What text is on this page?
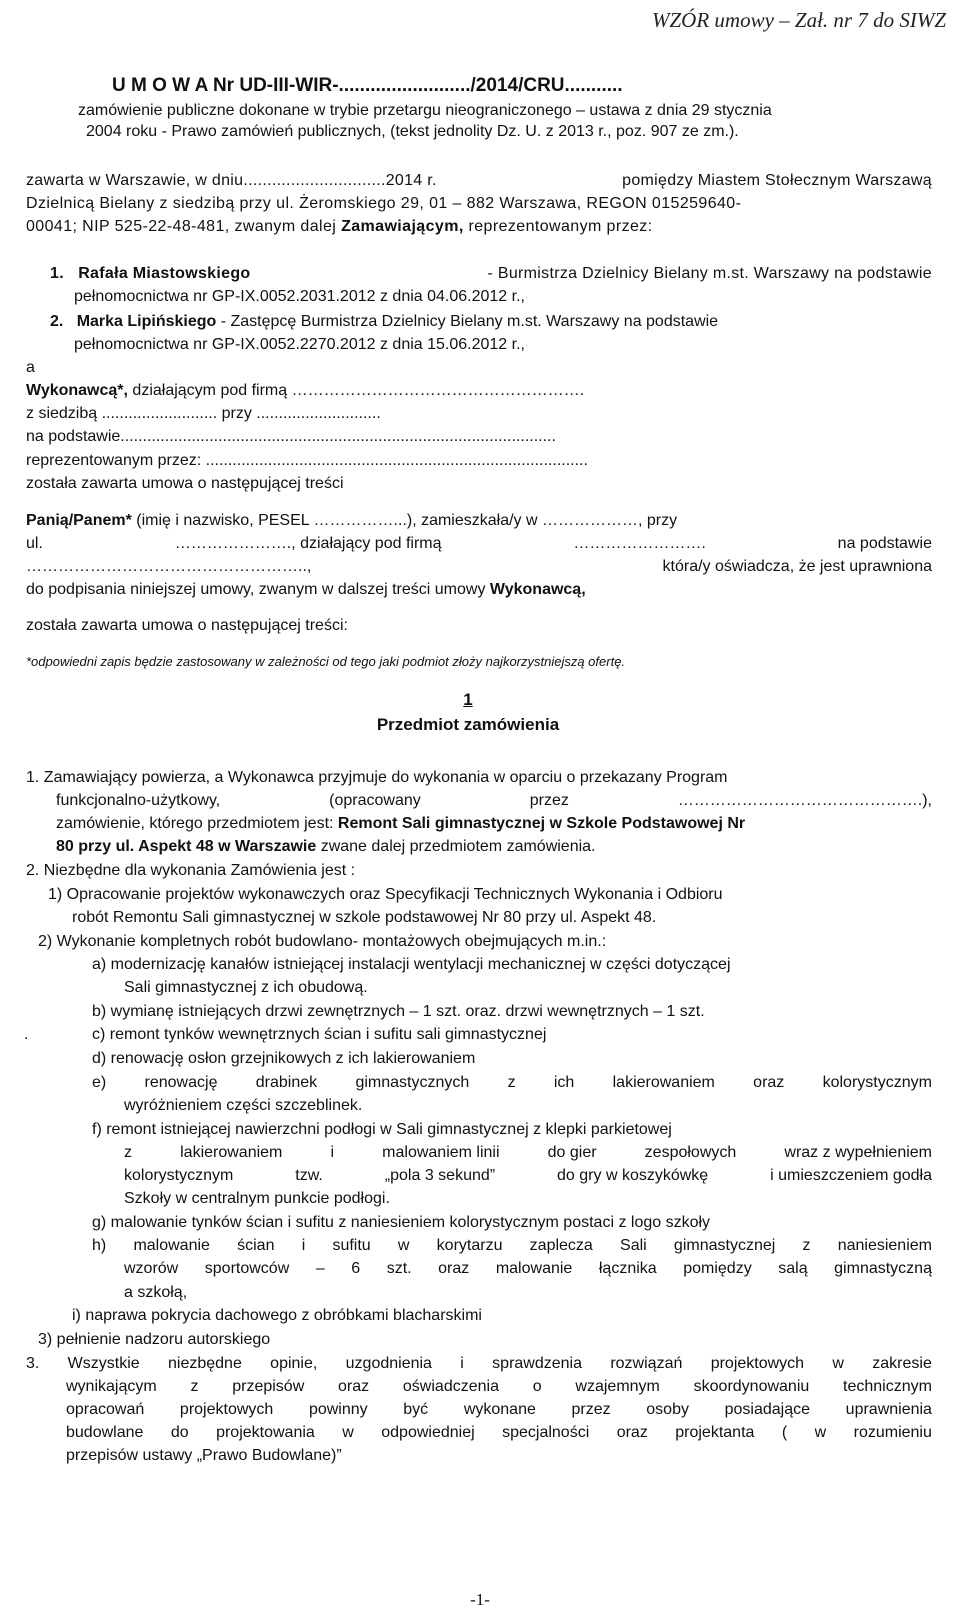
WZÓR umowy – Zał. nr 7 do SIWZ
U M O W A Nr UD-III-WIR-........................./2014/CRU...........
zamówienie publiczne dokonane w trybie przetargu nieograniczonego – ustawa z dnia 29 stycznia
2004 roku - Prawo zamówień publicznych, (tekst jednolity Dz. U. z 2013 r., poz. 907 ze zm.).
zawarta w Warszawie, w dniu..............................2014 r.	pomiędzy Miastem Stołecznym Warszawą
Dzielnicą Bielany z siedzibą przy ul. Żeromskiego 29, 01 – 882 Warszawa, REGON 015259640-
00041; NIP 525-22-48-481, zwanym dalej Zamawiającym, reprezentowanym przez:
1. Rafała Miastowskiego	- Burmistrza Dzielnicy Bielany m.st. Warszawy na podstawie
pełnomocnictwa nr GP-IX.0052.2031.2012 z dnia 04.06.2012 r.,
2. Marka Lipińskiego - Zastępcę Burmistrza Dzielnicy Bielany m.st. Warszawy na podstawie
pełnomocnictwa nr GP-IX.0052.2270.2012 z dnia 15.06.2012 r.,
a
Wykonawcą*, działającym pod firmą ……………………………………………….
z siedzibą .......................... przy ............................
na podstawie..................................................................................................
reprezentowanym przez: ......................................................................................
została zawarta umowa o następującej treści
Panią/Panem* (imię i nazwisko, PESEL ……………...), zamieszkała/y w ………………, przy
ul.	…………………., działający pod firmą	…………………….	na podstawie
……………………………………………..,	która/y oświadcza, że jest uprawniona
do podpisania niniejszej umowy, zwanym w dalszej treści umowy Wykonawcą,
została zawarta umowa o następującej treści:
*odpowiedni zapis będzie zastosowany w zależności od tego jaki podmiot złoży najkorzystniejszą ofertę.
1
Przedmiot zamówienia
1. Zamawiający powierza, a Wykonawca przyjmuje do wykonania w oparciu o przekazany Program
funkcjonalno-użytkowy,	(opracowany	przez	……………………………………….),
zamówienie, którego przedmiotem jest: Remont Sali gimnastycznej w Szkole Podstawowej Nr
80 przy ul. Aspekt 48 w Warszawie zwane dalej przedmiotem zamówienia.
2. Niezbędne dla wykonania Zamówienia jest :
1) Opracowanie projektów wykonawczych oraz Specyfikacji Technicznych Wykonania i Odbioru
robót Remontu Sali gimnastycznej w szkole podstawowej Nr 80 przy ul. Aspekt 48.
2) Wykonanie kompletnych robót budowlano- montażowych obejmujących m.in.:
a) modernizację kanałów istniejącej instalacji wentylacji mechanicznej w części dotyczącej
Sali gimnastycznej z ich obudową.
b) wymianę istniejących drzwi zewnętrznych – 1 szt. oraz. drzwi wewnętrznych – 1 szt.
.	c) remont tynków wewnętrznych ścian i sufitu sali gimnastycznej
d) renowację osłon grzejnikowych z ich lakierowaniem
e) renowację drabinek gimnastycznych z ich lakierowaniem oraz kolorystycznym
wyróżnieniem części szczeblinek.
f) remont istniejącej nawierzchni podłogi w Sali gimnastycznej z klepki parkietowej
z	lakierowaniem	i	malowaniem linii	do gier	zespołowych	wraz z wypełnieniem
kolorystycznym	tzw.	„pola 3 sekund”	do gry w koszykówkę	i umieszczeniem godła
Szkoły w centralnym punkcie podłogi.
g) malowanie tynków ścian i sufitu z naniesieniem kolorystycznym postaci z logo szkoły
h) malowanie ścian i sufitu w korytarzu zaplecza Sali gimnastycznej z naniesieniem
wzorów sportowców – 6 szt. oraz malowanie łącznika pomiędzy salą gimnastyczną
a szkołą,
i) naprawa pokrycia dachowego z obróbkami blacharskimi
3) pełnienie nadzoru autorskiego
3. Wszystkie niezbędne opinie, uzgodnienia i sprawdzenia rozwiązań projektowych w zakresie
wynikającym z przepisów oraz oświadczenia o wzajemnym skoordynowaniu technicznym
opracowań projektowych powinny być wykonane przez osoby posiadające uprawnienia
budowlane do projektowania w odpowiedniej specjalności oraz projektanta ( w rozumieniu
przepisów ustawy „Prawo Budowlane)”
-1-
